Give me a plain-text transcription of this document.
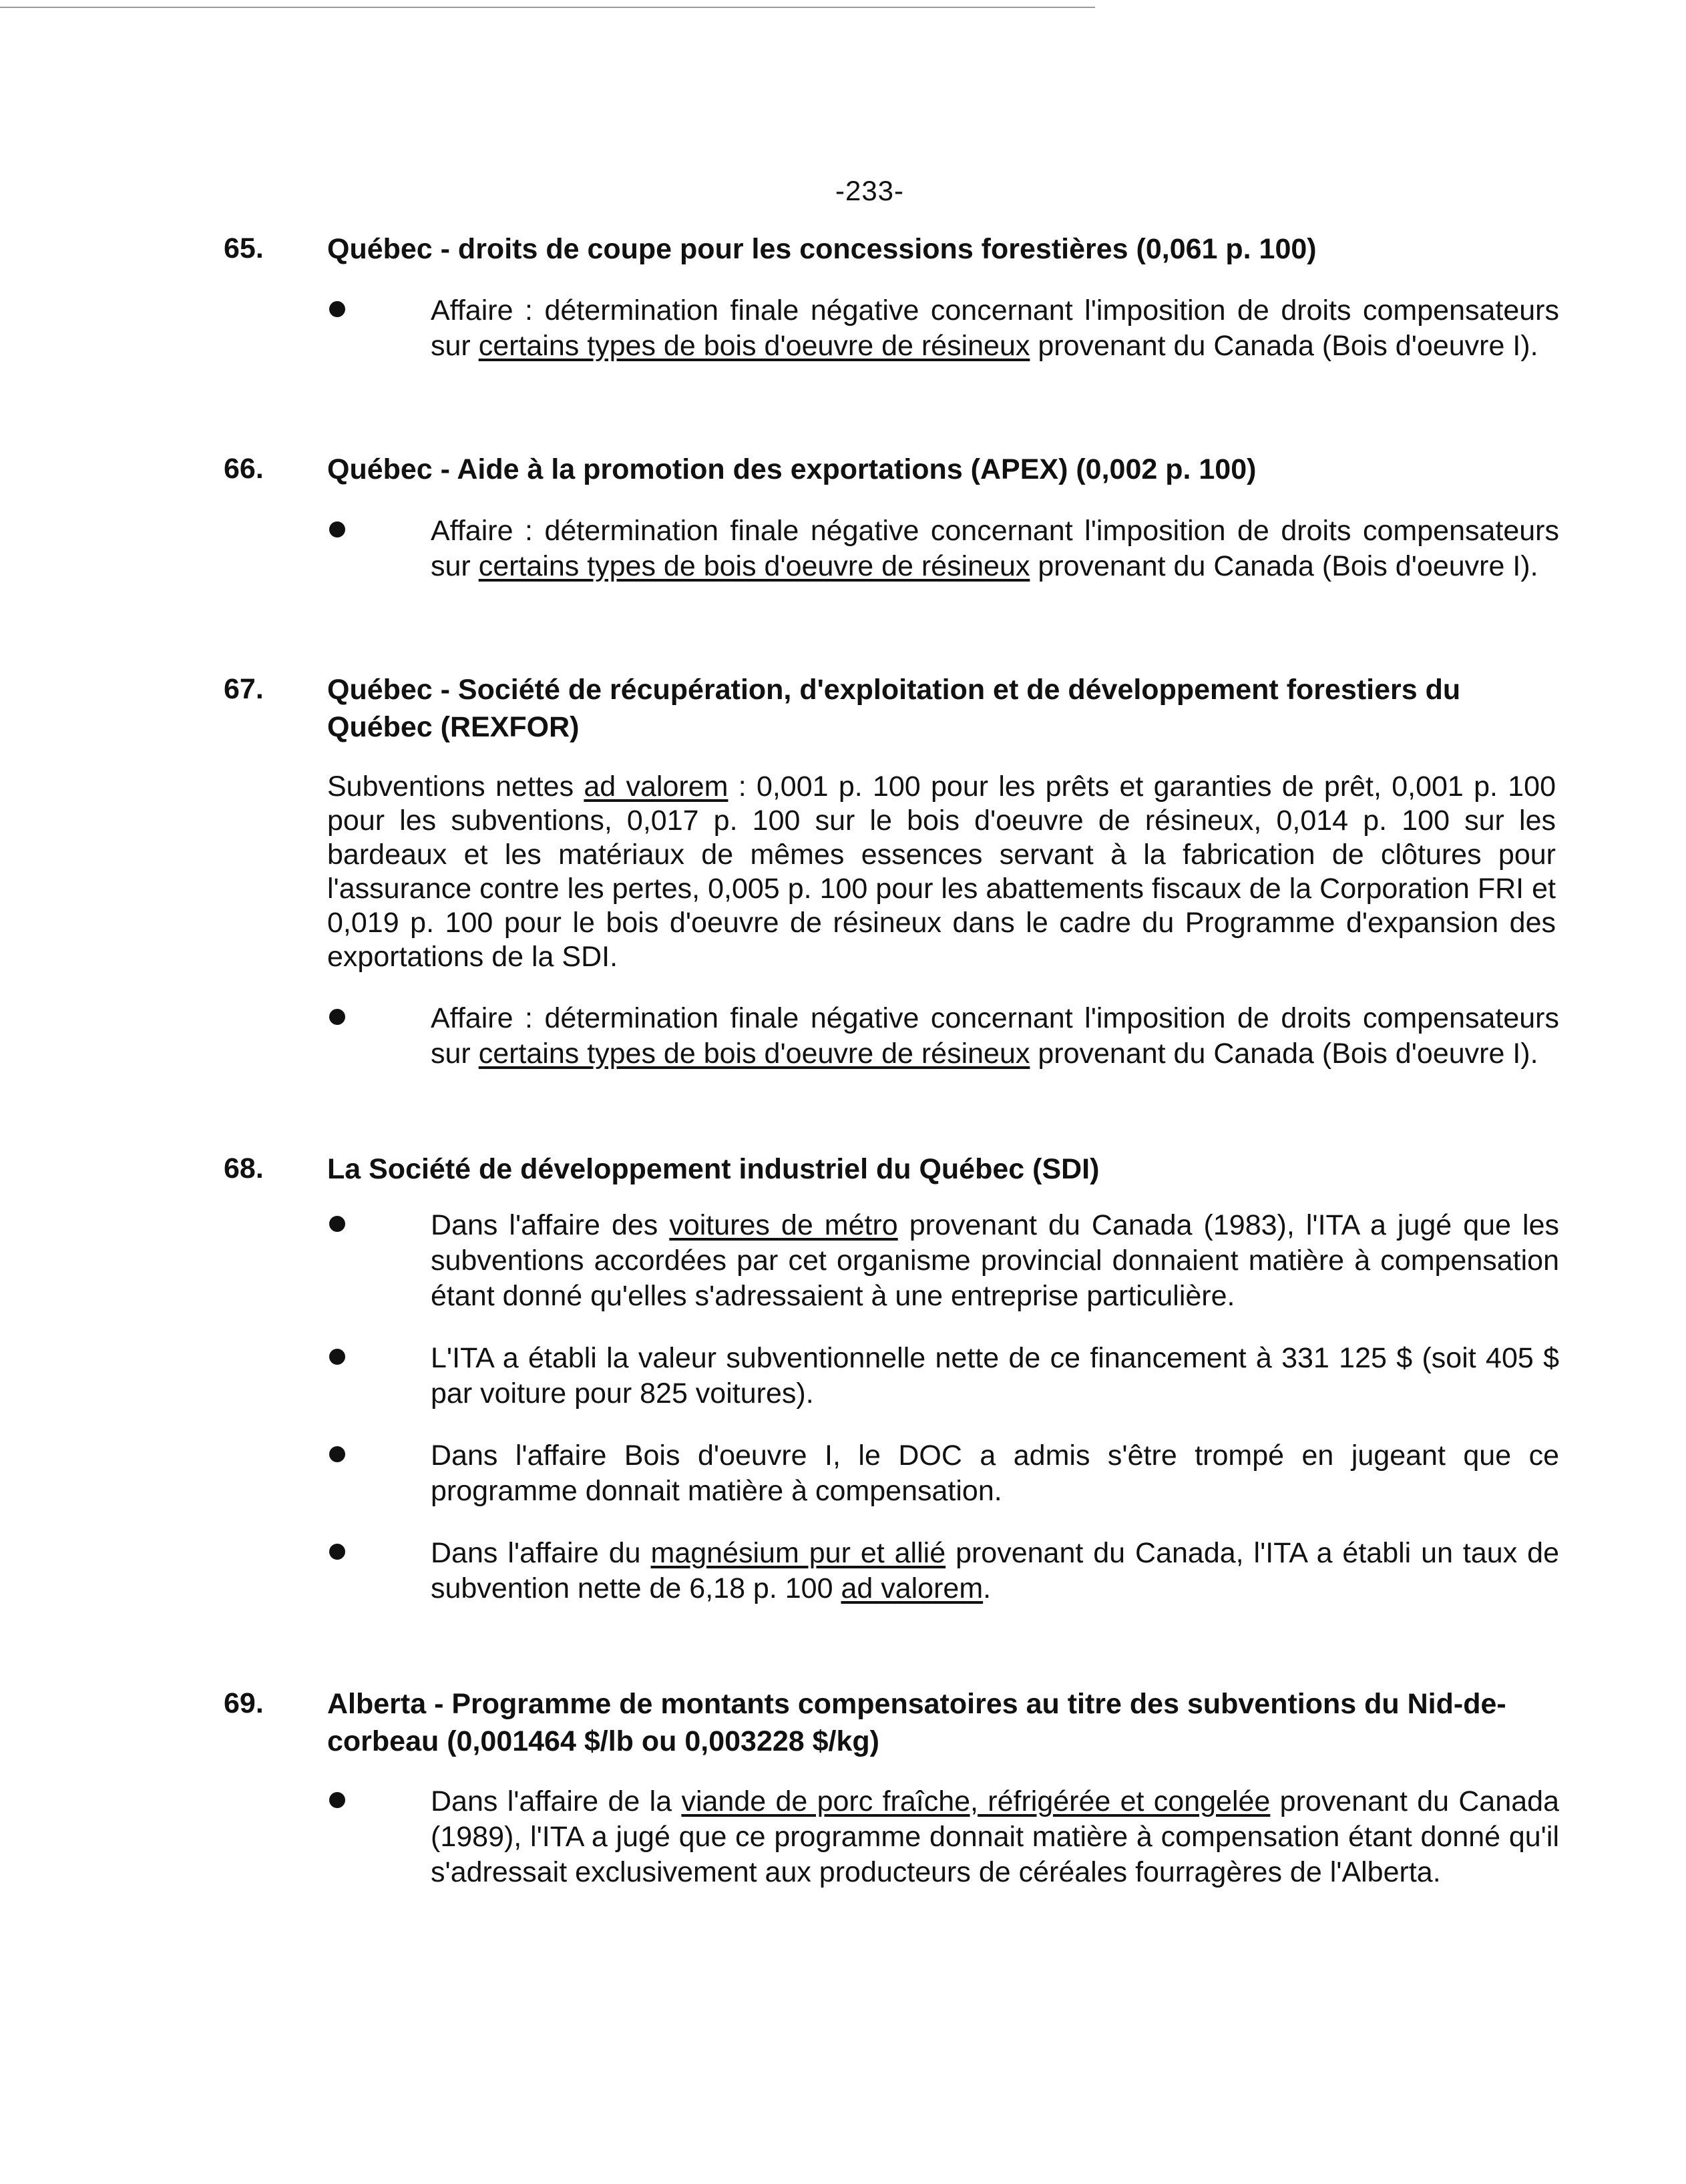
-233-
65. Québec - droits de coupe pour les concessions forestières (0,061 p. 100)
Affaire : détermination finale négative concernant l'imposition de droits compensateurs sur certains types de bois d'oeuvre de résineux provenant du Canada (Bois d'oeuvre I).
66. Québec - Aide à la promotion des exportations (APEX) (0,002 p. 100)
Affaire : détermination finale négative concernant l'imposition de droits compensateurs sur certains types de bois d'oeuvre de résineux provenant du Canada (Bois d'oeuvre I).
67. Québec - Société de récupération, d'exploitation et de développement forestiers du Québec (REXFOR)
Subventions nettes ad valorem : 0,001 p. 100 pour les prêts et garanties de prêt, 0,001 p. 100 pour les subventions, 0,017 p. 100 sur le bois d'oeuvre de résineux, 0,014 p. 100 sur les bardeaux et les matériaux de mêmes essences servant à la fabrication de clôtures pour l'assurance contre les pertes, 0,005 p. 100 pour les abattements fiscaux de la Corporation FRI et 0,019 p. 100 pour le bois d'oeuvre de résineux dans le cadre du Programme d'expansion des exportations de la SDI.
Affaire : détermination finale négative concernant l'imposition de droits compensateurs sur certains types de bois d'oeuvre de résineux provenant du Canada (Bois d'oeuvre I).
68. La Société de développement industriel du Québec (SDI)
Dans l'affaire des voitures de métro provenant du Canada (1983), l'ITA a jugé que les subventions accordées par cet organisme provincial donnaient matière à compensation étant donné qu'elles s'adressaient à une entreprise particulière.
L'ITA a établi la valeur subventionnelle nette de ce financement à 331 125 $ (soit 405 $ par voiture pour 825 voitures).
Dans l'affaire Bois d'oeuvre I, le DOC a admis s'être trompé en jugeant que ce programme donnait matière à compensation.
Dans l'affaire du magnésium pur et allié provenant du Canada, l'ITA a établi un taux de subvention nette de 6,18 p. 100 ad valorem.
69. Alberta - Programme de montants compensatoires au titre des subventions du Nid-de-corbeau (0,001464 $/lb ou 0,003228 $/kg)
Dans l'affaire de la viande de porc fraîche, réfrigérée et congelée provenant du Canada (1989), l'ITA a jugé que ce programme donnait matière à compensation étant donné qu'il s'adressait exclusivement aux producteurs de céréales fourragères de l'Alberta.
